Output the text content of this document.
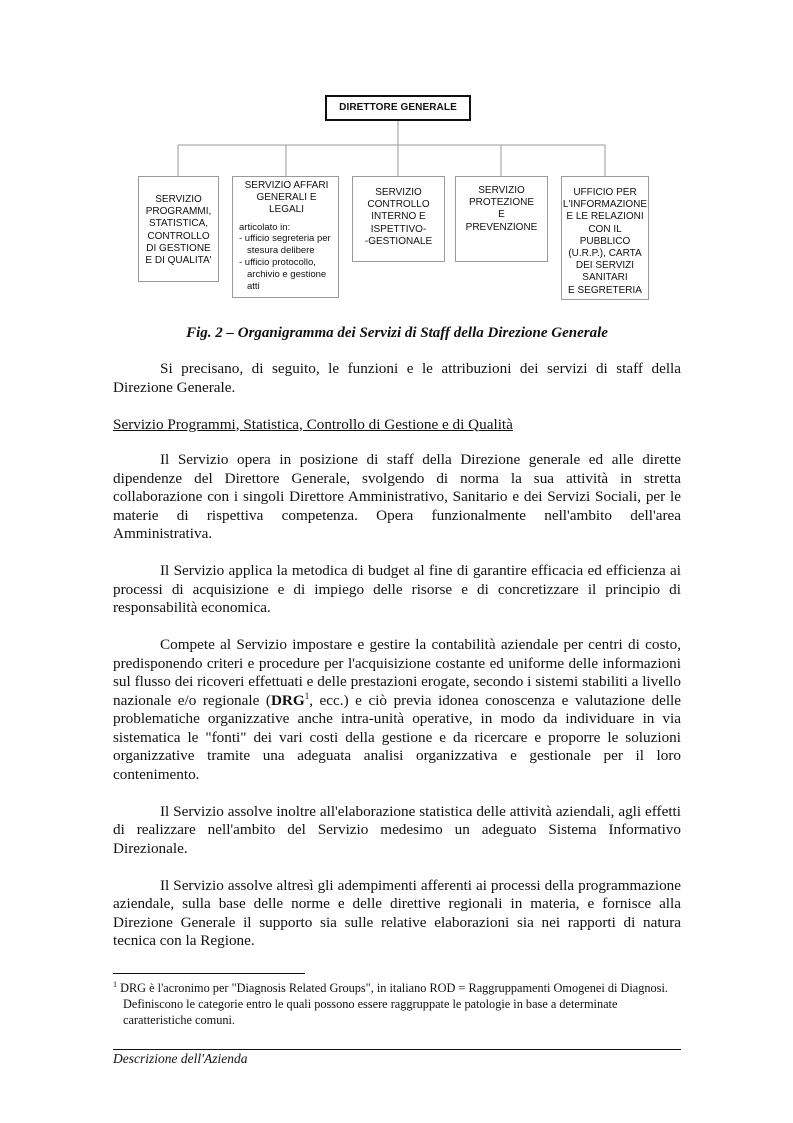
DIRETTORE GENERALE
SERVIZIO
PROGRAMMI,
STATISTICA,
CONTROLLO
DI GESTIONE
E DI QUALITA'
SERVIZIO AFFARI
GENERALI E LEGALI
articolato in:
- ufficio segreteria per stesura delibere
- ufficio protocollo, archivio e gestione atti
SERVIZIO
CONTROLLO
INTERNO E
ISPETTIVO-
-GESTIONALE
SERVIZIO
PROTEZIONE
E
PREVENZIONE
UFFICIO PER
L'INFORMAZIONE
E LE RELAZIONI
CON IL PUBBLICO
(U.R.P.), CARTA
DEI SERVIZI
SANITARI
E SEGRETERIA
Fig. 2 – Organigramma dei Servizi di Staff della Direzione Generale

Si precisano, di seguito, le funzioni e le attribuzioni dei servizi di staff della Direzione Generale.

Servizio Programmi, Statistica, Controllo di Gestione e di Qualità

Il Servizio opera in posizione di staff della Direzione generale ed alle dirette dipendenze del Direttore Generale, svolgendo di norma la sua attività in stretta collaborazione con i singoli Direttore Amministrativo, Sanitario e dei Servizi Sociali, per le materie di rispettiva competenza. Opera funzionalmente nell'ambito dell'area Amministrativa.

Il Servizio applica la metodica di budget al fine di garantire efficacia ed efficienza ai processi di acquisizione e di impiego delle risorse e di concretizzare il principio di responsabilità economica.

Compete al Servizio impostare e gestire la contabilità aziendale per centri di costo, predisponendo criteri e procedure per l'acquisizione costante ed uniforme delle informazioni sul flusso dei ricoveri effettuati e delle prestazioni erogate, secondo i sistemi stabiliti a livello nazionale e/o regionale (DRG$^1$, ecc.) e ciò previa idonea conoscenza e valutazione delle problematiche organizzative anche intra-unità operative, in modo da individuare in via sistematica le "fonti" dei vari costi della gestione e da ricercare e proporre le soluzioni organizzative tramite una adeguata analisi organizzativa e gestionale per il loro contenimento.

Il Servizio assolve inoltre all'elaborazione statistica delle attività aziendali, agli effetti di realizzare nell'ambito del Servizio medesimo un adeguato Sistema Informativo Direzionale.

Il Servizio assolve altresì gli adempimenti afferenti ai processi della programmazione aziendale, sulla base delle norme e delle direttive regionali in materia, e fornisce alla Direzione Generale il supporto sia sulle relative elaborazioni sia nei rapporti di natura tecnica con la Regione.

$^1$ DRG è l'acronimo per "Diagnosis Related Groups", in italiano ROD = Raggruppamenti Omogenei di Diagnosi. Definiscono le categorie entro le quali possono essere raggruppate le patologie in base a determinate caratteristiche comuni.
Descrizione dell'Azienda
